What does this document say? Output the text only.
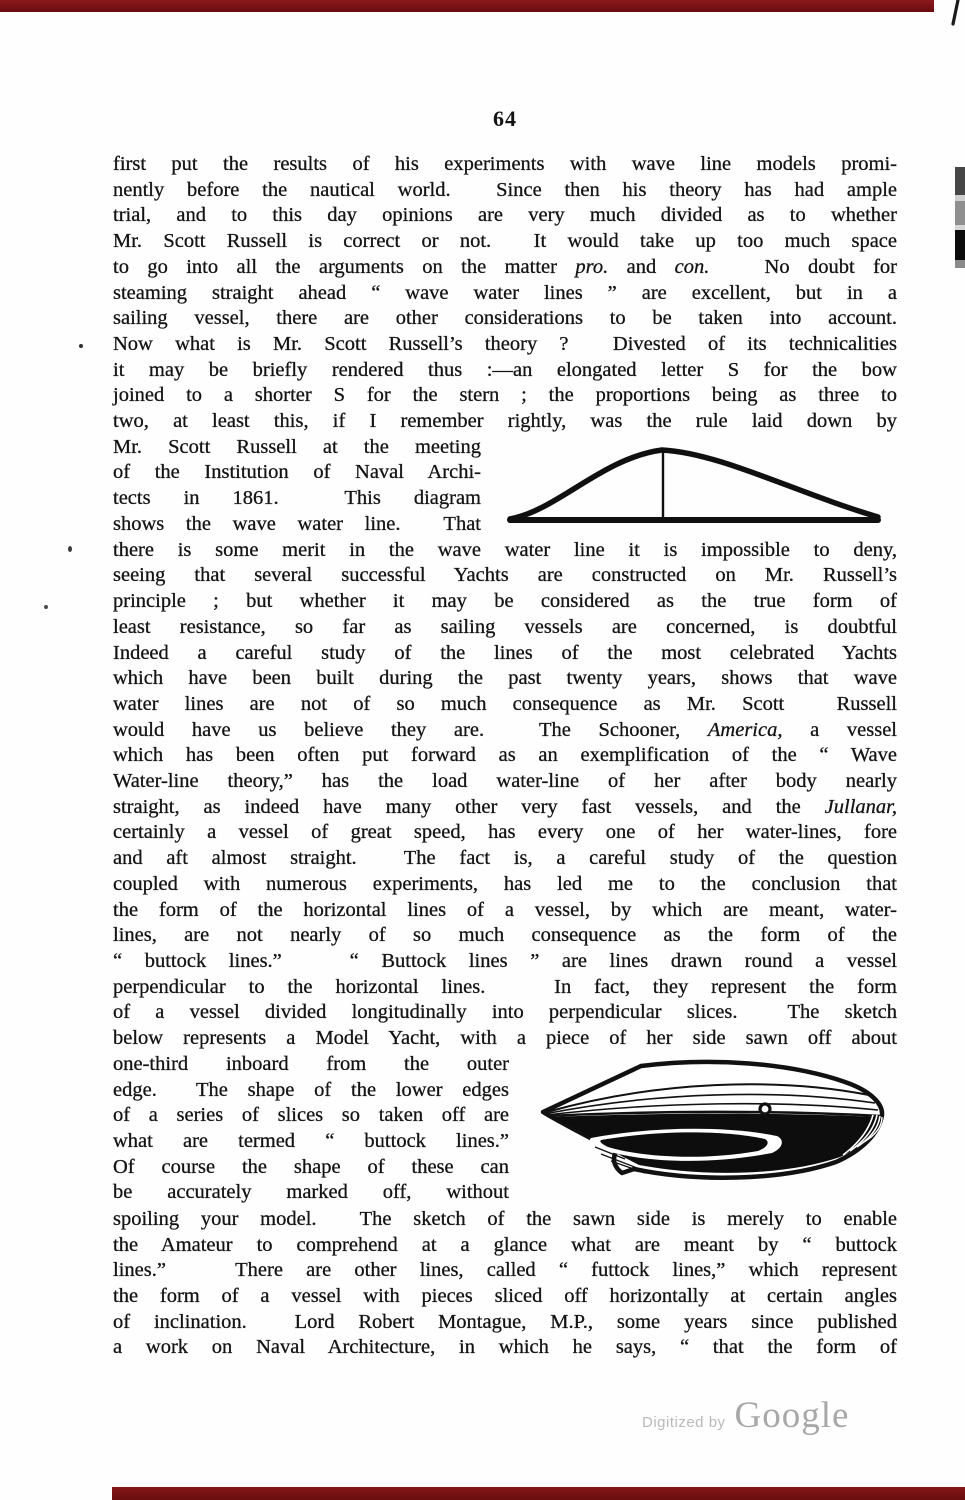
64
first put the results of his experiments with wave line models promi-
nently before the nautical world.  Since then his theory has had ample
trial, and to this day opinions are very much divided as to whether
Mr. Scott Russell is correct or not.  It would take up too much space
to go into all the arguments on the matter pro. and con.   No doubt for
steaming straight ahead “ wave water lines ” are excellent, but in a
sailing vessel, there are other considerations to be taken into account.
Now what is Mr. Scott Russell’s theory ?  Divested of its technicalities
it may be briefly rendered thus :—an elongated letter S for the bow
joined to a shorter S for the stern ; the proportions being as three to
two, at least this, if I remember rightly, was the rule laid down by
Mr. Scott Russell at the meeting
of the Institution of Naval Archi-
tects in 1861.  This diagram
shows the wave water line.  That
there is some merit in the wave water line it is impossible to deny,
seeing that several successful Yachts are constructed on Mr. Russell’s
principle ; but whether it may be considered as the true form of
least resistance, so far as sailing vessels are concerned, is doubtful
Indeed a careful study of the lines of the most celebrated Yachts
which have been built during the past twenty years, shows that wave
water lines are not of so much consequence as Mr. Scott  Russell
would have us believe they are.  The Schooner, America, a vessel
which has been often put forward as an exemplification of the “ Wave
Water-line theory,” has the load water-line of her after body nearly
straight, as indeed have many other very fast vessels, and the Jullanar,
certainly a vessel of great speed, has every one of her water-lines, fore
and aft almost straight.  The fact is, a careful study of the question
coupled with numerous experiments, has led me to the conclusion that
the form of the horizontal lines of a vessel, by which are meant, water-
lines, are not nearly of so much consequence as the form of the
“ buttock lines.”   “ Buttock lines ” are lines drawn round a vessel
perpendicular to the horizontal lines.   In fact, they represent the form
of a vessel divided longitudinally into perpendicular slices.  The sketch
below represents a Model Yacht, with a piece of her side sawn off about
one-third inboard from the outer
edge.  The shape of the lower edges
of a series of slices so taken off are
what are termed “ buttock lines.”
Of course the shape of these can
be accurately marked off, without
spoiling your model.  The sketch of the sawn side is merely to enable
the Amateur to comprehend at a glance what are meant by “ buttock
lines.”   There are other lines, called “ futtock lines,” which represent
the form of a vessel with pieces sliced off horizontally at certain angles
of inclination.  Lord Robert Montague, M.P., some years since published
a work on Naval Architecture, in which he says, “ that the form of
Digitized by Google
